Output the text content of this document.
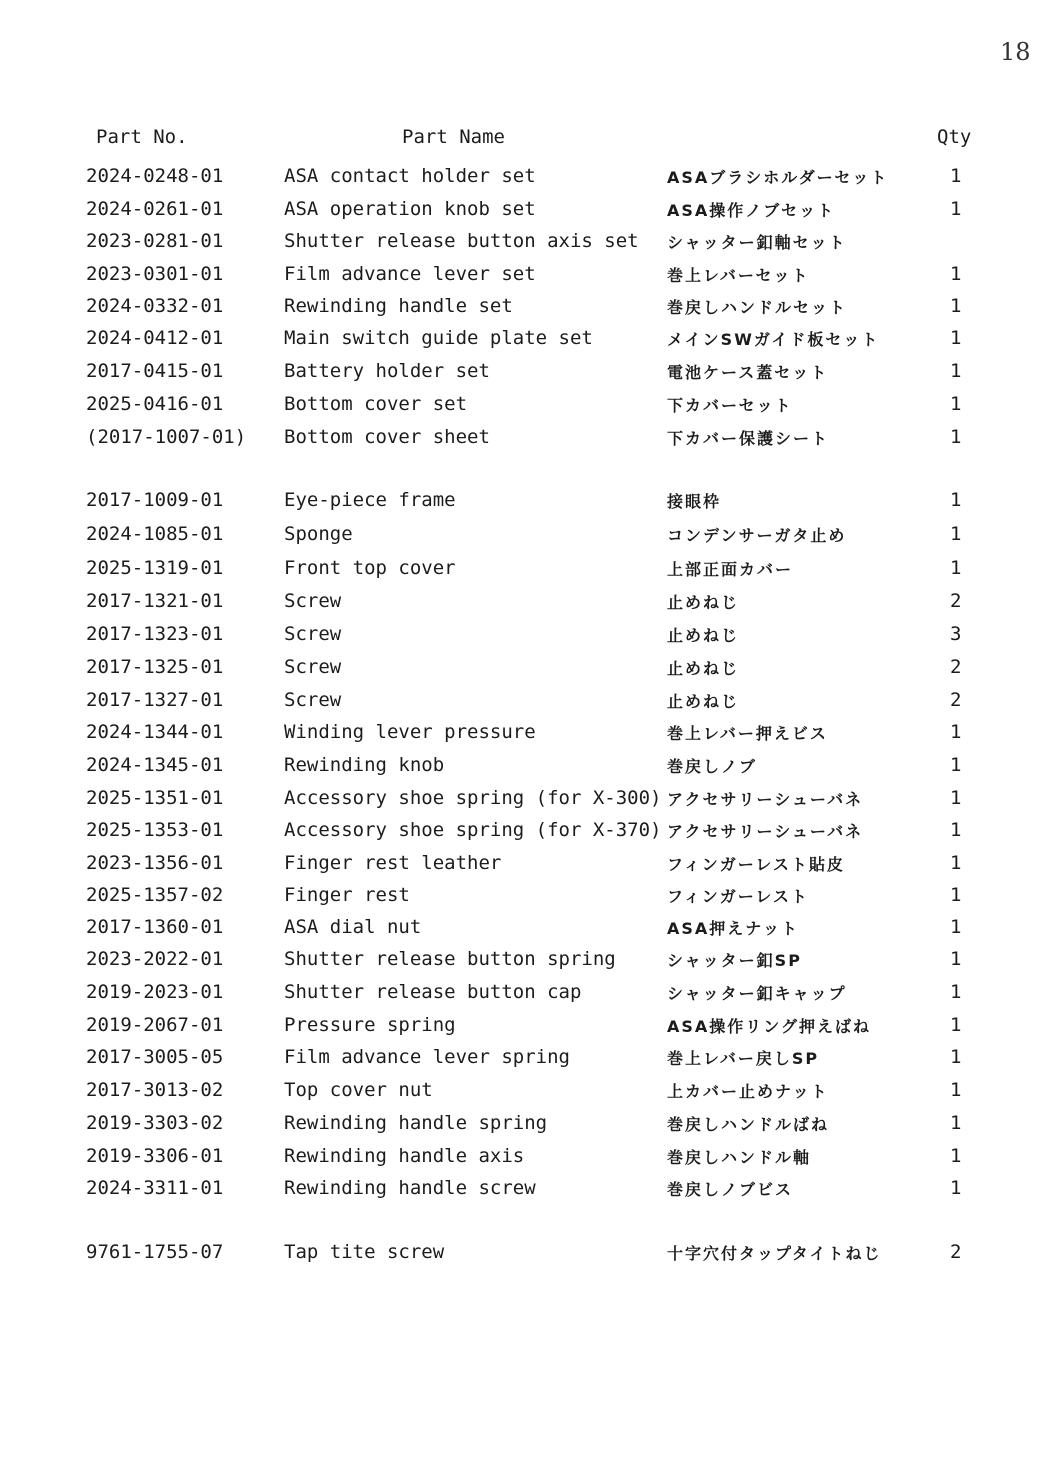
18
Part No.	Part Name	Qty
2024-0248-01	ASA contact holder set	ASAブラシホルダーセット	1
2024-0261-01	ASA operation knob set	ASA操作ノブセット	1
2023-0281-01	Shutter release button axis set シャッター釦軸セット
2023-0301-01	Film advance lever set	巻上レバーセット	1
2024-0332-01	Rewinding handle set	巻戻しハンドルセット	1
2024-0412-01	Main switch guide plate set	メインSWガイド板セット	1
2017-0415-01	Battery holder set	電池ケース蓋セット	1
2025-0416-01	Bottom cover set	下カバーセット	1
(2017-1007-01) Bottom cover sheet	下カバー保護シート	1
2017-1009-01	Eye-piece frame	接眼枠	1
2024-1085-01	Sponge	コンデンサーガタ止め	1
2025-1319-01	Front top cover	上部正面カバー	1
2017-1321-01	Screw	止めねじ	2
2017-1323-01	Screw	止めねじ	3
2017-1325-01	Screw	止めねじ	2
2017-1327-01	Screw	止めねじ	2
2024-1344-01	Winding lever pressure	巻上レバー押えビス	1
2024-1345-01	Rewinding knob	巻戻しノブ	1
2025-1351-01	Accessory shoe spring (for X-300) アクセサリーシューバネ	1
2025-1353-01	Accessory shoe spring (for X-370) アクセサリーシューバネ	1
2023-1356-01	Finger rest leather	フィンガーレスト貼皮	1
2025-1357-02	Finger rest	フィンガーレスト	1
2017-1360-01	ASA dial nut	ASA押えナット	1
2023-2022-01	Shutter release button spring	シャッター釦SP	1
2019-2023-01	Shutter release button cap	シャッター釦キャップ	1
2019-2067-01	Pressure spring	ASA操作リング押えばね	1
2017-3005-05	Film advance lever spring	巻上レバー戻しSP	1
2017-3013-02	Top cover nut	上カバー止めナット	1
2019-3303-02	Rewinding handle spring	巻戻しハンドルばね	1
2019-3306-01	Rewinding handle axis	巻戻しハンドル軸	1
2024-3311-01	Rewinding handle screw	巻戻しノブビス	1
9761-1755-07	Tap tite screw	十字穴付タップタイトねじ	2
